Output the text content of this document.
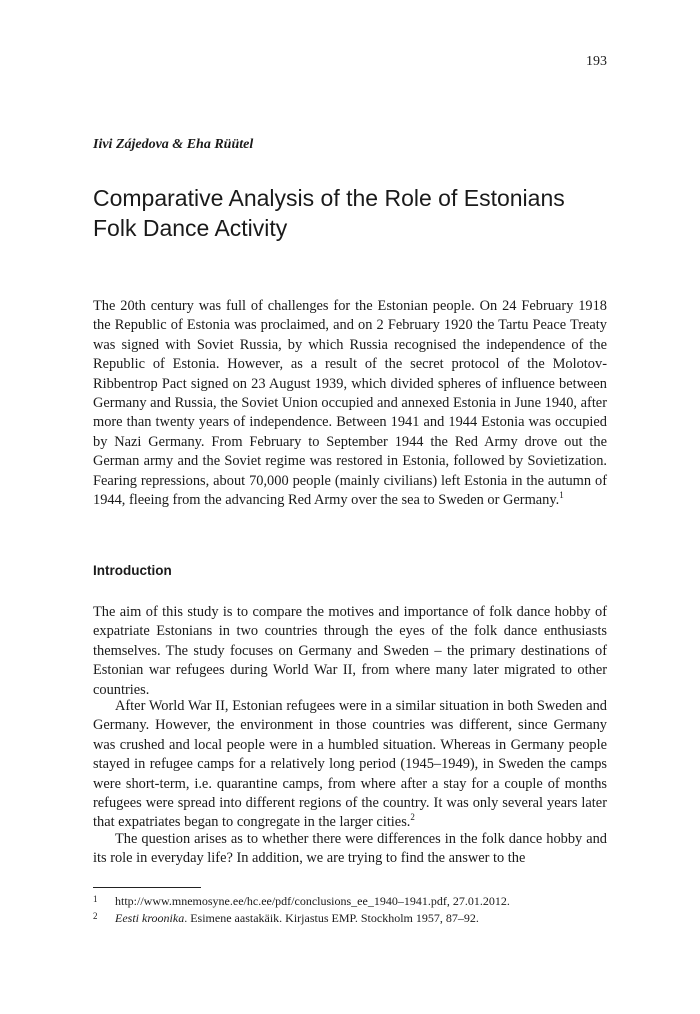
193
Iivi Zájedova & Eha Rüütel
Comparative Analysis of the Role of Estonians Folk Dance Activity

The 20th century was full of challenges for the Estonian people. On 24 February 1918 the Republic of Estonia was proclaimed, and on 2 February 1920 the Tartu Peace Treaty was signed with Soviet Russia, by which Russia recognised the independence of the Republic of Estonia. However, as a result of the secret protocol of the Molotov-Ribbentrop Pact signed on 23 August 1939, which divided spheres of influence between Germany and Russia, the Soviet Union occupied and annexed Estonia in June 1940, after more than twenty years of independence. Between 1941 and 1944 Estonia was occupied by Nazi Germany. From February to September 1944 the Red Army drove out the German army and the Soviet regime was restored in Estonia, followed by Sovietization. Fearing repressions, about 70,000 people (mainly civilians) left Estonia in the autumn of 1944, fleeing from the advancing Red Army over the sea to Sweden or Germany.$^1$

Introduction

The aim of this study is to compare the motives and importance of folk dance hobby of expatriate Estonians in two countries through the eyes of the folk dance enthusiasts themselves. The study focuses on Germany and Sweden – the primary destinations of Estonian war refugees during World War II, from where many later migrated to other countries.

After World War II, Estonian refugees were in a similar situation in both Sweden and Germany. However, the environment in those countries was different, since Germany was crushed and local people were in a humbled situation. Whereas in Germany people stayed in refugee camps for a relatively long period (1945–1949), in Sweden the camps were short-term, i.e. quarantine camps, from where after a stay for a couple of months refugees were spread into different regions of the country. It was only several years later that expatriates began to congregate in the larger cities.$^2$

The question arises as to whether there were differences in the folk dance hobby and its role in everyday life? In addition, we are trying to find the answer to the

1 http://www.mnemosyne.ee/hc.ee/pdf/conclusions_ee_1940–1941.pdf, 27.01.2012.
2 Eesti kroonika. Esimene aastakäik. Kirjastus EMP. Stockholm 1957, 87–92.
